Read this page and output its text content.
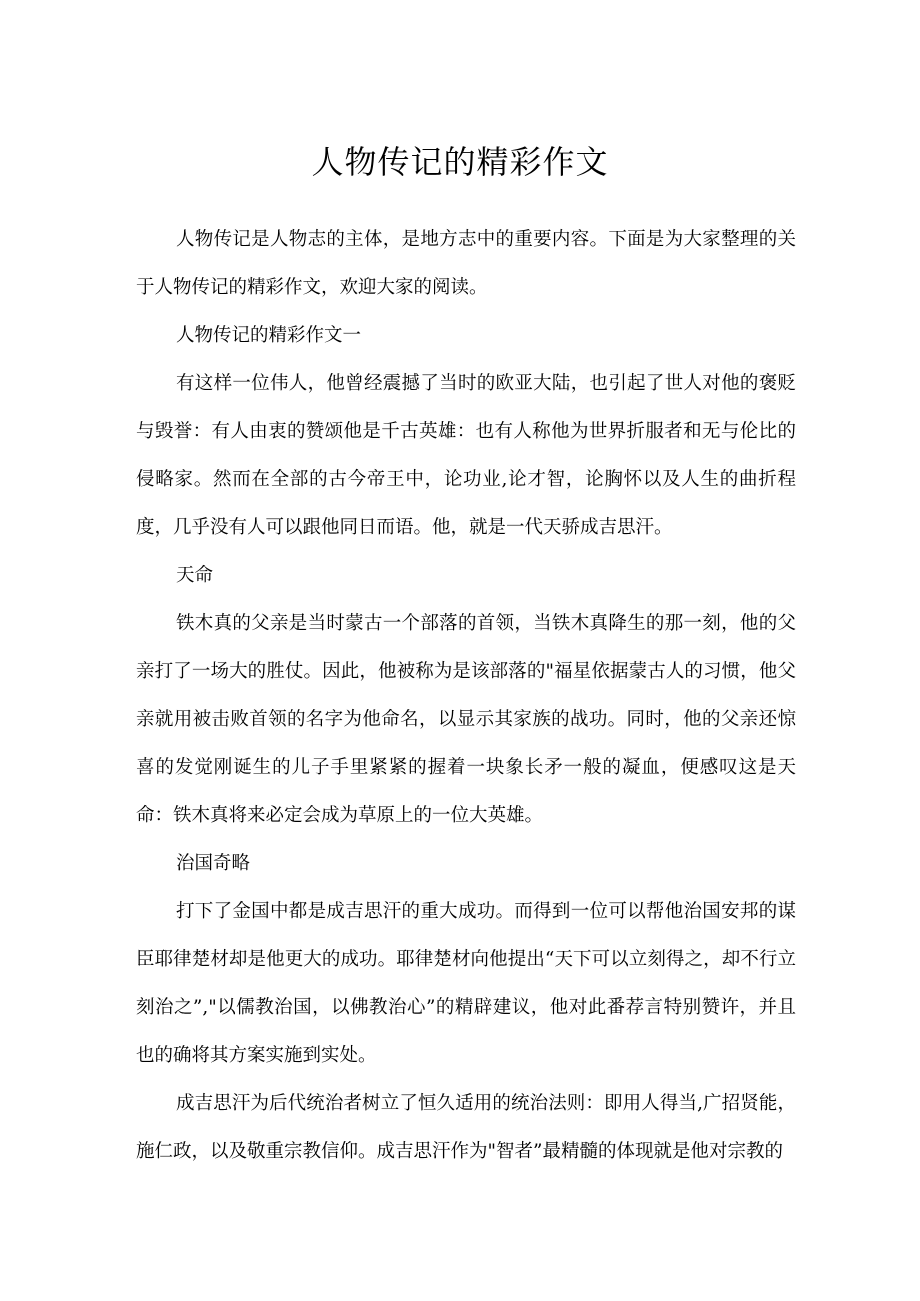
人物传记的精彩作文

人物传记是人物志的主体，是地方志中的重要内容。下面是为大家整理的关于人物传记的精彩作文，欢迎大家的阅读。

人物传记的精彩作文一

有这样一位伟人，他曾经震撼了当时的欧亚大陆，也引起了世人对他的褒贬与毁誉：有人由衷的赞颂他是千古英雄：也有人称他为世界折服者和无与伦比的侵略家。然而在全部的古今帝王中，论功业,论才智，论胸怀以及人生的曲折程度，几乎没有人可以跟他同日而语。他，就是一代天骄成吉思汗。

天命

铁木真的父亲是当时蒙古一个部落的首领，当铁木真降生的那一刻，他的父亲打了一场大的胜仗。因此，他被称为是该部落的"福星依据蒙古人的习惯，他父亲就用被击败首领的名字为他命名，以显示其家族的战功。同时，他的父亲还惊喜的发觉刚诞生的儿子手里紧紧的握着一块象长矛一般的凝血，便感叹这是天命：铁木真将来必定会成为草原上的一位大英雄。

治国奇略

打下了金国中都是成吉思汗的重大成功。而得到一位可以帮他治国安邦的谋臣耶律楚材却是他更大的成功。耶律楚材向他提出“天下可以立刻得之，却不行立刻治之”,"以儒教治国，以佛教治心”的精辟建议，他对此番荐言特别赞许，并且也的确将其方案实施到实处。

成吉思汗为后代统治者树立了恒久适用的统治法则：即用人得当,广招贤能，施仁政，以及敬重宗教信仰。成吉思汗作为"智者”最精髓的体现就是他对宗教的
